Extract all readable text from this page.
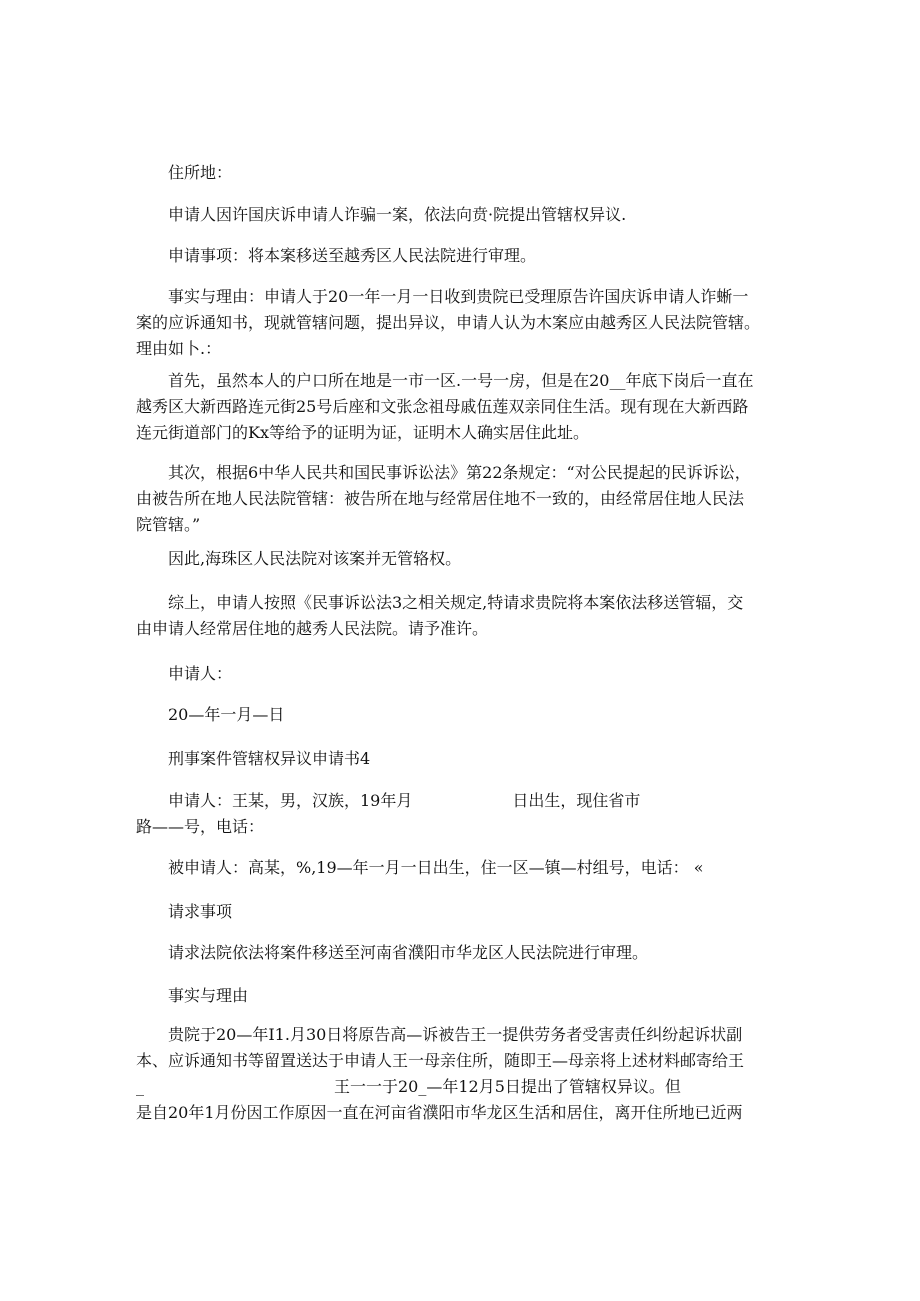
住所地：
申请人因许国庆诉申请人诈骗一案，依法向贲·院提出管辖权异议.
申请事项：将本案移送至越秀区人民法院进行审理。
事实与理由：申请人于20一年一月一日收到贵院已受理原告许国庆诉申请人诈蜥一
案的应诉通知书，现就管辖问题，提出异议，申请人认为木案应由越秀区人民法院管辖。
理由如卜.：
首先，虽然本人的户口所在地是一市一区.一号一房，但是在20__年底下岗后一直在
越秀区大新西路连元街25号后座和文张念祖母戚伍莲双亲同住生活。现有现在大新西路
连元街道部门的Kx等给予的证明为证，证明木人确实居住此址。
其次，根据6中华人民共和国民事诉讼法》第22条规定：“对公民提起的民诉诉讼，
由被告所在地人民法院管辖：被告所在地与经常居住地不一致的，由经常居住地人民法
院管辖。”
因此,海珠区人民法院对该案并无管辂权。
综上，申请人按照《民事诉讼法3之相关规定,特请求贵院将本案依法移送管辐，交
由申请人经常居住地的越秀人民法院。请予准许。
申请人：
20—年一月—日
刑事案件管辖权异议申请书4
申请人：王某，男，汉族，19年月	日出生，现住省市
路——号，电话：
被申请人：高某，%,19—年一月一日出生，住一区—镇—村组号，电话： «
请求事项
请求法院依法将案件移送至河南省濮阳市华龙区人民法院进行审理。
事实与理由
贵院于20—年I1.月30日将原告高—诉被告王一提供劳务者受害责任纠纷起诉状副
本、应诉通知书等留置送达于申请人王一母亲住所，随即王—母亲将上述材料邮寄给王
_	王一一于20_—年12月5日提出了管辖权异议。但
是自20年1月份因工作原因一直在河亩省濮阳市华龙区生活和居住，离开住所地已近两
